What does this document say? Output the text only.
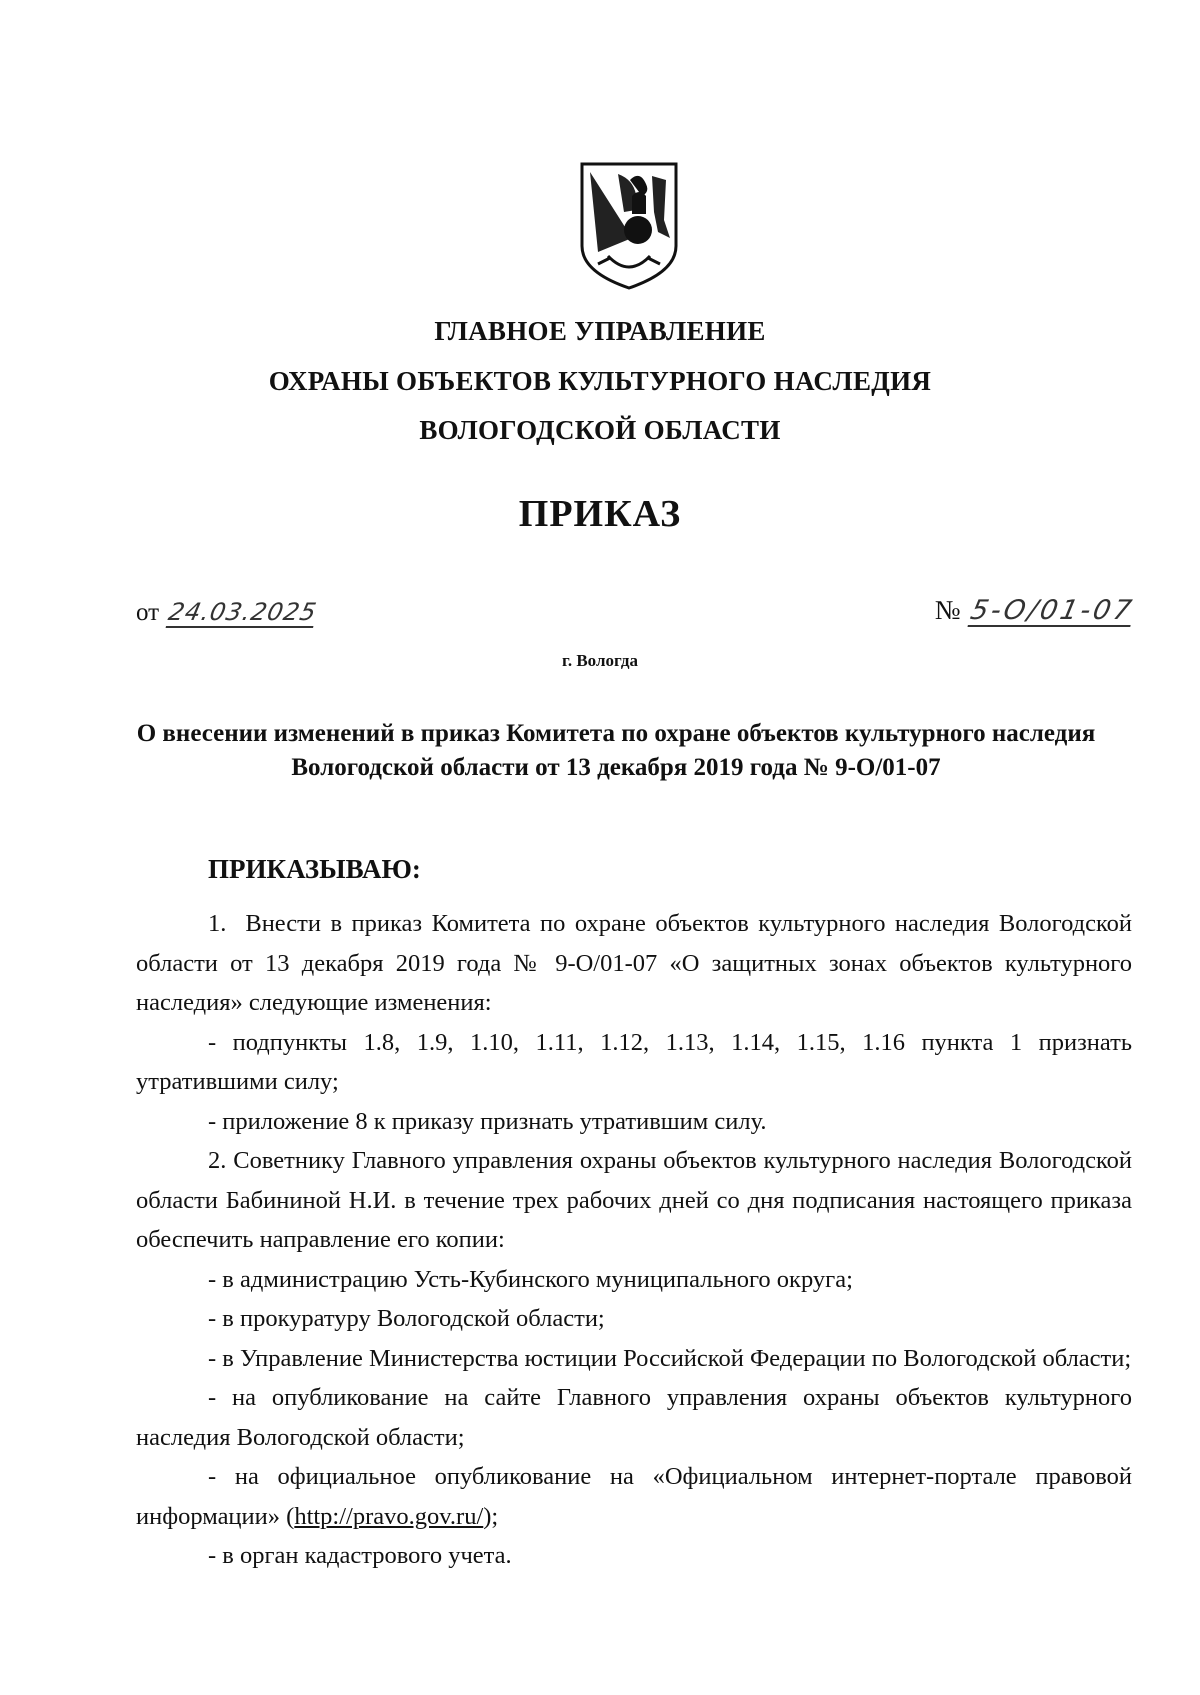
ГЛАВНОЕ УПРАВЛЕНИЕ
ОХРАНЫ ОБЪЕКТОВ КУЛЬТУРНОГО НАСЛЕДИЯ
ВОЛОГОДСКОЙ ОБЛАСТИ
ПРИКАЗ
от 24.03.2025	№ 5-О/01-07
г. Вологда
О внесении изменений в приказ Комитета по охране объектов культурного наследия Вологодской области от 13 декабря 2019 года № 9-О/01-07
ПРИКАЗЫВАЮ:

1.  Внести в приказ Комитета по охране объектов культурного наследия Вологодской области от 13 декабря 2019 года № 9-О/01-07 «О защитных зонах объектов культурного наследия» следующие изменения:

- подпункты 1.8, 1.9, 1.10, 1.11, 1.12, 1.13, 1.14, 1.15, 1.16 пункта 1 признать утратившими силу;

- приложение 8 к приказу признать утратившим силу.

2. Советнику Главного управления охраны объектов культурного наследия Вологодской области Бабининой Н.И. в течение трех рабочих дней со дня подписания настоящего приказа обеспечить направление его копии:

- в администрацию Усть-Кубинского муниципального округа;

- в прокуратуру Вологодской области;

- в Управление Министерства юстиции Российской Федерации по Вологодской области;

- на опубликование на сайте Главного управления охраны объектов культурного наследия Вологодской области;

- на официальное опубликование на «Официальном интернет-портале правовой информации» (http://pravo.gov.ru/);

- в орган кадастрового учета.
